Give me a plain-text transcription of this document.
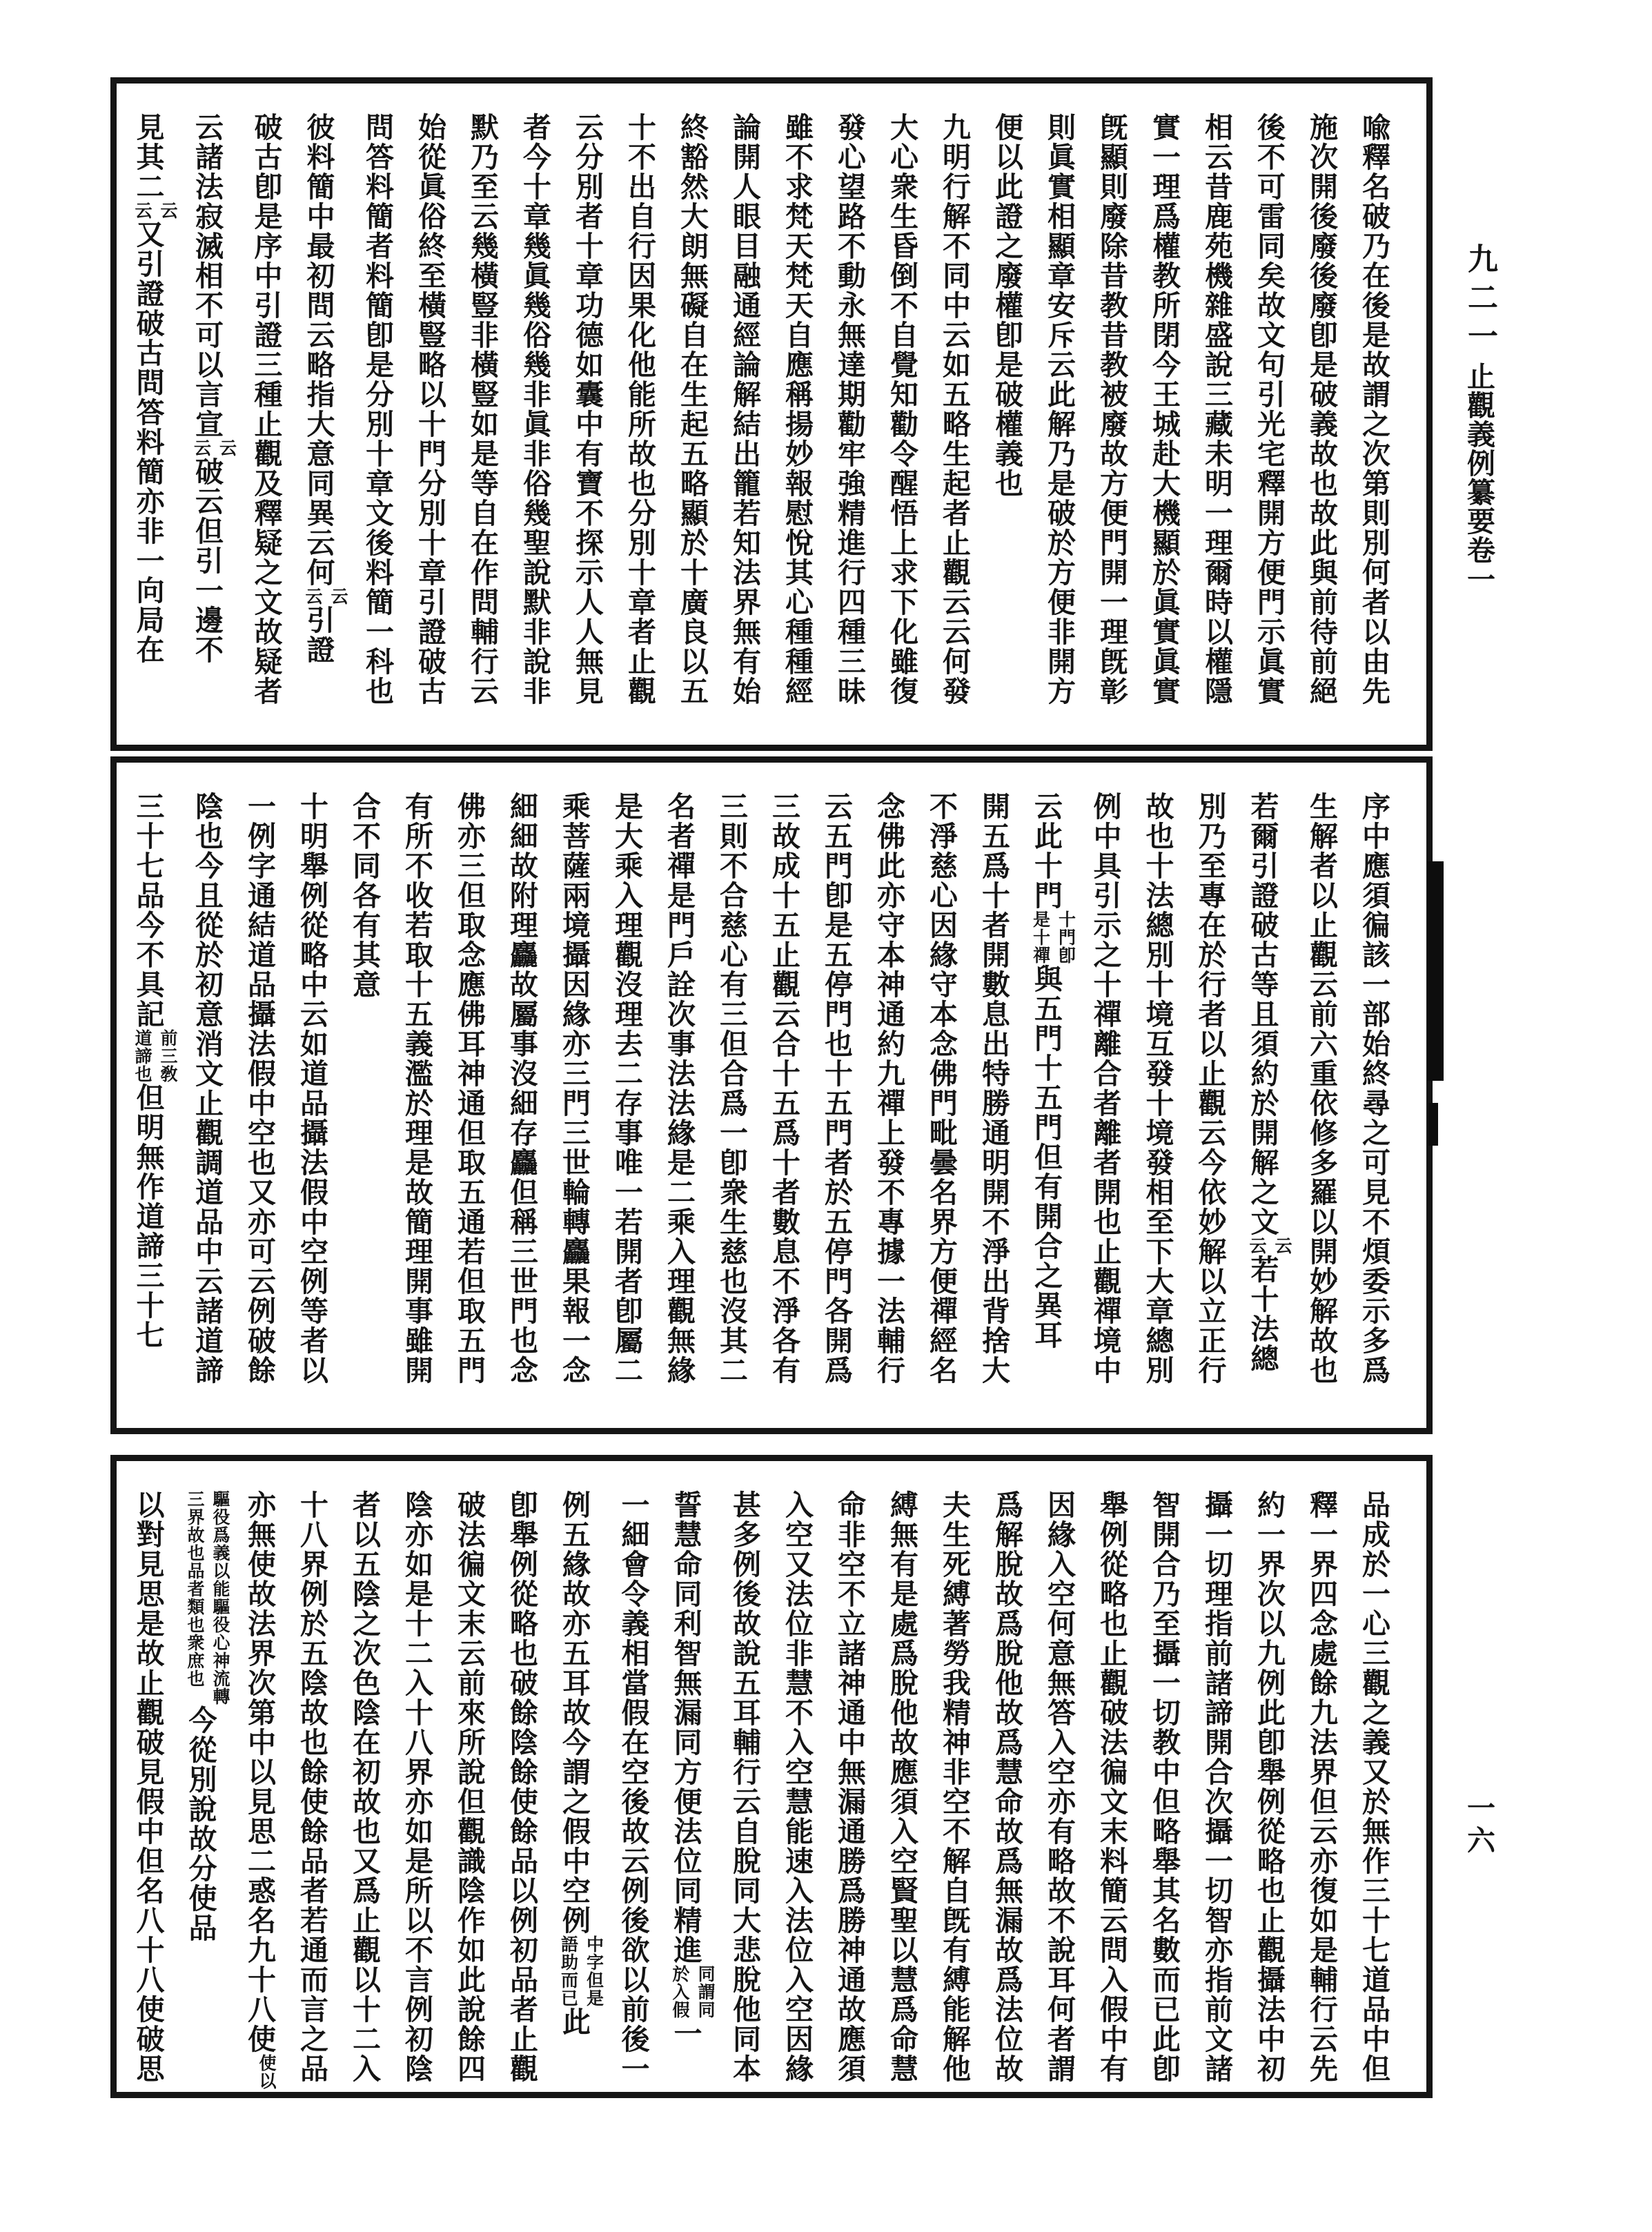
九二一
止觀義例纂要卷一
一六
喩釋名破乃在後是故謂之次第則別何者以由先
施次開後廢後廢卽是破義故也故此與前待前絕
後不可雷同矣故文句引光宅釋開方便門示眞實
相云昔鹿苑機雜盛說三藏未明一理爾時以權隱
實一理爲權教所閉今王城赴大機顯於眞實眞實
旣顯則廢除昔教昔教被廢故方便門開一理旣彰
則眞實相顯章安斥云此解乃是破於方便非開方
便以此證之廢權卽是破權義也
九明行解不同中云如五略生起者止觀云云何發
大心衆生昏倒不自覺知勸令醒悟上求下化雖復
發心望路不動永無達期勸牢強精進行四種三昧
雖不求梵天梵天自應稱揚妙報慰悅其心種種經
論開人眼目融通經論解結出籠若知法界無有始
終豁然大朗無礙自在生起五略顯於十廣良以五
十不出自行因果化他能所故也分別十章者止觀
云分別者十章功德如囊中有寶不探示人人無見
者今十章幾眞幾俗幾非眞非俗幾聖說默非說非
默乃至云幾橫豎非橫豎如是等自在作問輔行云
始從眞俗終至橫豎略以十門分別十章引證破古
問答料簡者料簡卽是分別十章文後料簡一科也
彼料簡中最初問云略指大意同異云何
云
云
引證
破古卽是序中引證三種止觀及釋疑之文故疑者
云諸法寂滅相不可以言宣
云
云
破云但引一邊不
見其二
云
云
又引證破古問答料簡亦非一向局在
序中應須徧該一部始終尋之可見不煩委示多爲
生解者以止觀云前六重依修多羅以開妙解故也
若爾引證破古等且須約於開解之文
云
云
若十法總
別乃至專在於行者以止觀云今依妙解以立正行
故也十法總別十境互發十境發相至下大章總別
例中具引示之十禪離合者離者開也止觀禪境中
云此十門
十門卽
是十禪
與五門十五門但有開合之異耳
開五爲十者開數息出特勝通明開不淨出背捨大
不淨慈心因緣守本念佛門毗曇名界方便禪經名
念佛此亦守本神通約九禪上發不專據一法輔行
云五門卽是五停門也十五門者於五停門各開爲
三故成十五止觀云合十五爲十者數息不淨各有
三則不合慈心有三但合爲一卽衆生慈也沒其二
名者禪是門戶詮次事法法緣是二乘入理觀無緣
是大乘入理觀沒理去二存事唯一若開者卽屬二
乘菩薩兩境攝因緣亦三門三世輪轉麤果報一念
細細故附理麤故屬事沒細存麤但稱三世門也念
佛亦三但取念應佛耳神通但取五通若但取五門
有所不收若取十五義濫於理是故簡理開事雖開
合不同各有其意
十明舉例從略中云如道品攝法假中空例等者以
一例字通結道品攝法假中空也又亦可云例破餘
陰也今且從於初意消文止觀調道品中云諸道諦
三十七品今不具記
前三敎
道諦也
但明無作道諦三十七
品成於一心三觀之義又於無作三十七道品中但
釋一界四念處餘九法界但云亦復如是輔行云先
約一界次以九例此卽舉例從略也止觀攝法中初
攝一切理指前諸諦開合次攝一切智亦指前文諸
智開合乃至攝一切教中但略舉其名數而已此卽
舉例從略也止觀破法徧文末料簡云問入假中有
因緣入空何意無答入空亦有略故不說耳何者謂
爲解脫故爲脫他故爲慧命故爲無漏故爲法位故
夫生死縛著勞我精神非空不解自旣有縛能解他
縛無有是處爲脫他故應須入空賢聖以慧爲命慧
命非空不立諸神通中無漏通勝爲勝神通故應須
入空又法位非慧不入空慧能速入法位入空因緣
甚多例後故說五耳輔行云自脫同大悲脫他同本
誓慧命同利智無漏同方便法位同精進
同謂同
於入假
一
一細會令義相當假在空後故云例後欲以前後一
例五緣故亦五耳故今謂之假中空例
中字但是
語助而已
此
卽舉例從略也破餘陰餘使餘品以例初品者止觀
破法徧文末云前來所說但觀識陰作如此說餘四
陰亦如是十二入十八界亦如是所以不言例初陰
者以五陰之次色陰在初故也又爲止觀以十二入
十八界例於五陰故也餘使餘品者若通而言之品
亦無使故法界次第中以見思二惑名九十八使
使以
驅役爲義以能驅役心神流轉
三界故也品者類也衆庶也
今從別說故分使品
以對見思是故止觀破見假中但名八十八使破思
